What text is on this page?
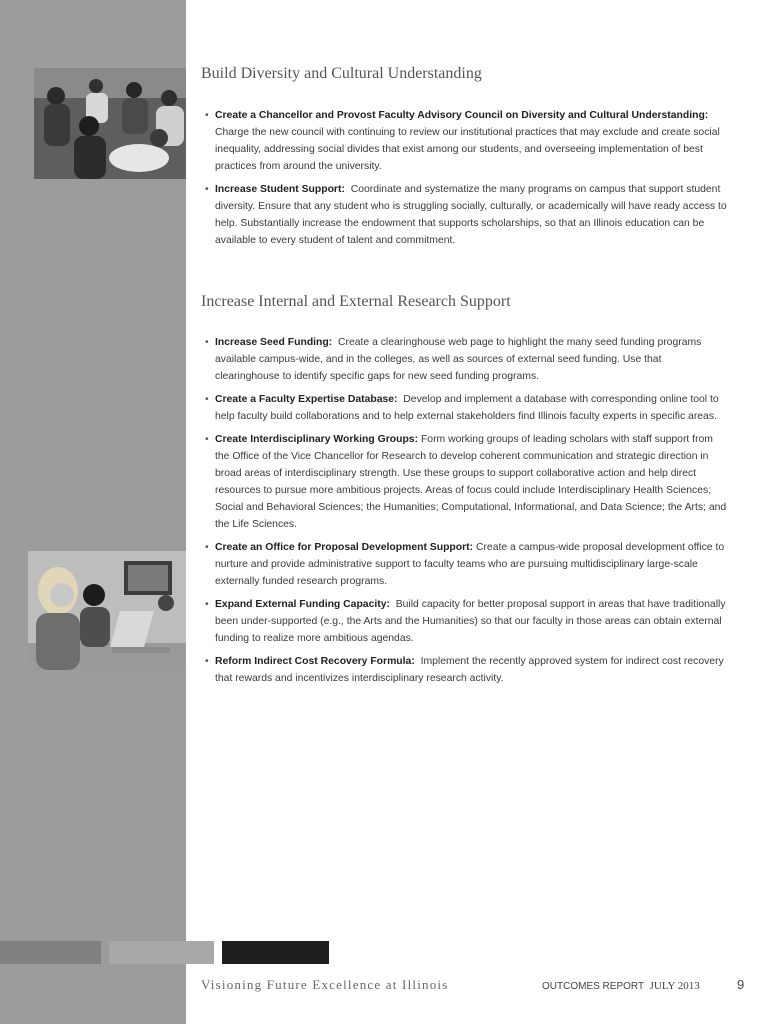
Build Diversity and Cultural Understanding
• Create a Chancellor and Provost Faculty Advisory Council on Diversity and Cultural Understanding:  Charge the new council with continuing to review our institutional practices that may exclude and create social inequality, addressing social divides that exist among our students, and overseeing implementation of best practices from around the university.
• Increase Student Support: Coordinate and systematize the many programs on campus that support student diversity. Ensure that any student who is struggling socially, culturally, or academically will have ready access to help. Substantially increase the endowment that supports scholarships, so that an Illinois education can be available to every student of talent and commitment.
Increase Internal and External Research Support
• Increase Seed Funding: Create a clearinghouse web page to highlight the many seed funding programs available campus-wide, and in the colleges, as well as sources of external seed funding. Use that clearinghouse to identify specific gaps for new seed funding programs.
• Create a Faculty Expertise Database: Develop and implement a database with corresponding online tool to help faculty build collaborations and to help external stakeholders find Illinois faculty experts in specific areas.
• Create Interdisciplinary Working Groups: Form working groups of leading scholars with staff support from the Office of the Vice Chancellor for Research to develop coherent communication and strategic direction in broad areas of interdisciplinary strength. Use these groups to support collaborative action and help direct resources to pursue more ambitious projects. Areas of focus could include Interdisciplinary Health Sciences; Social and Behavioral Sciences; the Humanities; Computational, Informational, and Data Science; the Arts; and the Life Sciences.
• Create an Office for Proposal Development Support: Create a campus-wide proposal development office to nurture and provide administrative support to faculty teams who are pursuing multidisciplinary large-scale externally funded research programs.
• Expand External Funding Capacity: Build capacity for better proposal support in areas that have traditionally been under-supported (e.g., the Arts and the Humanities) so that our faculty in those areas can obtain external funding to realize more ambitious agendas.
• Reform Indirect Cost Recovery Formula: Implement the recently approved system for indirect cost recovery that rewards and incentivizes interdisciplinary research activity.
Visioning Future Excellence at Illinois	OUTCOMES REPORT JULY 2013	9
